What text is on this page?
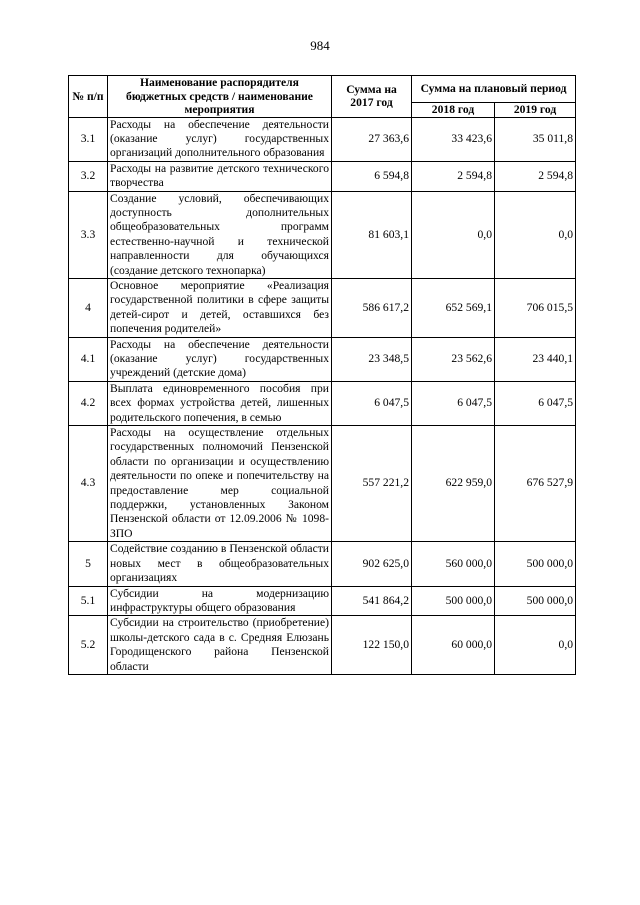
984
№ п/п	Наименование распорядителя бюджетных средств / наименование мероприятия	Сумма на 2017 год	Сумма на плановый период	
			2018 год	2019 год
3.1	Расходы на обеспечение деятельности (оказание услуг) государственных организаций дополнительного образования	27 363,6	33 423,6	35 011,8
3.2	Расходы на развитие детского технического творчества	6 594,8	2 594,8	2 594,8
3.3	Создание условий, обеспечивающих доступность дополнительных общеобразовательных программ естественно-научной и технической направленности для обучающихся (создание детского технопарка)	81 603,1	0,0	0,0
4	Основное мероприятие «Реализация государственной политики в сфере защиты детей-сирот и детей, оставшихся без попечения родителей»	586 617,2	652 569,1	706 015,5
4.1	Расходы на обеспечение деятельности (оказание услуг) государственных учреждений (детские дома)	23 348,5	23 562,6	23 440,1
4.2	Выплата единовременного пособия при всех формах устройства детей, лишенных родительского попечения, в семью	6 047,5	6 047,5	6 047,5
4.3	Расходы на осуществление отдельных государственных полномочий Пензенской области по организации и осуществлению деятельности по опеке и попечительству на предоставление мер социальной поддержки, установленных Законом Пензенской области от 12.09.2006 № 1098-ЗПО	557 221,2	622 959,0	676 527,9
5	Содействие созданию в Пензенской области новых мест в общеобразовательных организациях	902 625,0	560 000,0	500 000,0
5.1	Субсидии на модернизацию инфраструктуры общего образования	541 864,2	500 000,0	500 000,0
5.2	Субсидии на строительство (приобретение) школы-детского сада в с. Средняя Елюзань Городищенского района Пензенской области	122 150,0	60 000,0	0,0
